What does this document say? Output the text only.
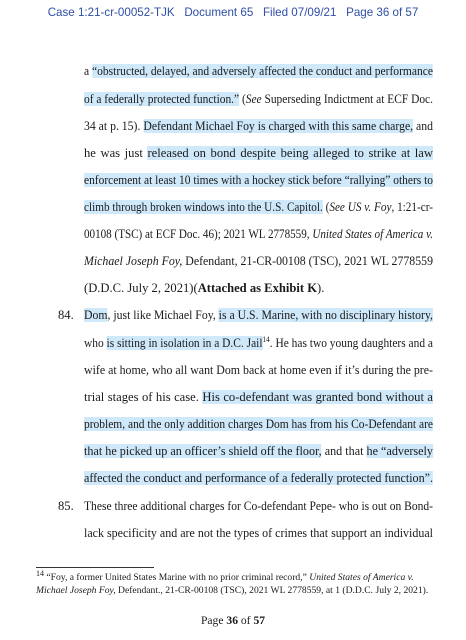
Case 1:21-cr-00052-TJK Document 65 Filed 07/09/21 Page 36 of 57
a “obstructed, delayed, and adversely affected the conduct and performance
of a federally protected function.” (See Superseding Indictment at ECF Doc.
34 at p. 15). Defendant Michael Foy is charged with this same charge, and
he was just released on bond despite being alleged to strike at law
enforcement at least 10 times with a hockey stick before “rallying” others to
climb through broken windows into the U.S. Capitol. (See US v. Foy, 1:21-cr-
00108 (TSC) at ECF Doc. 46); 2021 WL 2778559, United States of America v.
Michael Joseph Foy, Defendant, 21-CR-00108 (TSC), 2021 WL 2778559
(D.D.C. July 2, 2021)(Attached as Exhibit K).
84. Dom, just like Michael Foy, is a U.S. Marine, with no disciplinary history,
who is sitting in isolation in a D.C. Jail$^{14}$. He has two young daughters and a
wife at home, who all want Dom back at home even if it’s during the pre-
trial stages of his case. His co-defendant was granted bond without a
problem, and the only addition charges Dom has from his Co-Defendant are
that he picked up an officer’s shield off the floor, and that he “adversely
affected the conduct and performance of a federally protected function”.
85. These three additional charges for Co-defendant Pepe- who is out on Bond-
lack specificity and are not the types of crimes that support an individual
$^{14}$ “Foy, a former United States Marine with no prior criminal record,” United States of America v.
Michael Joseph Foy, Defendant., 21-CR-00108 (TSC), 2021 WL 2778559, at 1 (D.D.C. July 2, 2021).
Page 36 of 57
